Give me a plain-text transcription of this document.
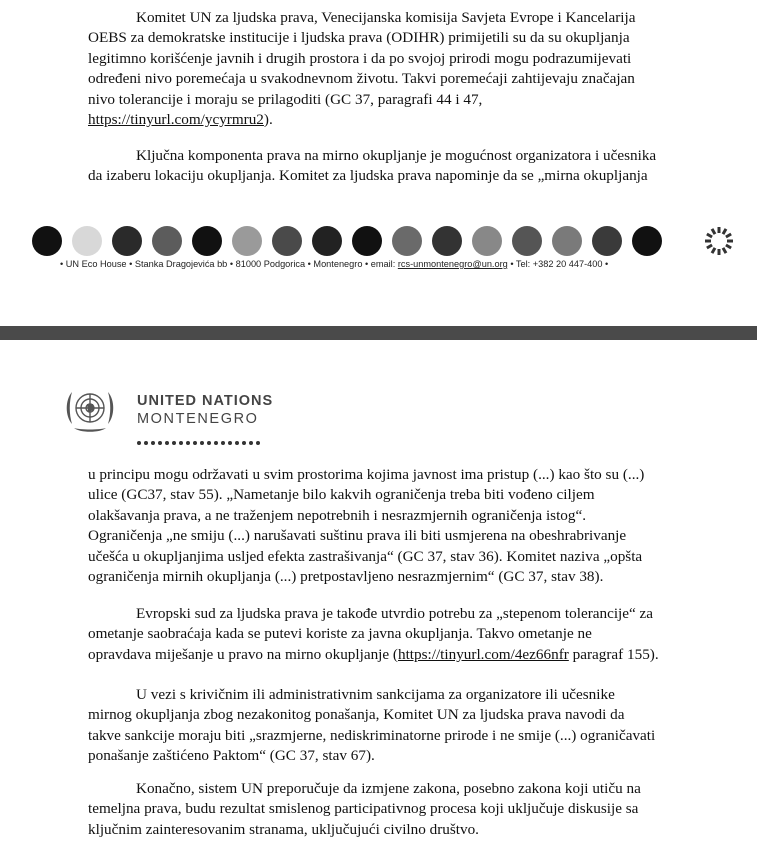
Komitet UN za ljudska prava, Venecijanska komisija Savjeta Evrope i Kancelarija

OEBS za demokratske institucije i ljudska prava (ODIHR) primijetili su da su okupljanja

legitimno korišćenje javnih i drugih prostora i da po svojoj prirodi mogu podrazumijevati

određeni nivo poremećaja u svakodnevnom životu. Takvi poremećaji zahtijevaju značajan

nivo tolerancije i moraju se prilagoditi (GC 37, paragrafi 44 i 47,

https://tinyurl.com/ycyrmru2).

Ključna komponenta prava na mirno okupljanje je mogućnost organizatora i učesnika

da izaberu lokaciju okupljanja. Komitet za ljudska prava napominje da se „mirna okupljanja

• UN Eco House • Stanka Dragojevića bb • 81000 Podgorica • Montenegro • email: rcs-unmontenegro@un.org • Tel: +382 20 447-400 •
UNITED NATIONS
MONTENEGRO

u principu mogu održavati u svim prostorima kojima javnost ima pristup (...) kao što su (...)

ulice (GC37, stav 55). „Nametanje bilo kakvih ograničenja treba biti vođeno ciljem

olakšavanja prava, a ne traženjem nepotrebnih i nesrazmjernih ograničenja istog“.

Ograničenja „ne smiju (...) narušavati suštinu prava ili biti usmjerena na obeshrabrivanje

učešća u okupljanjima usljed efekta zastrašivanja“ (GC 37, stav 36). Komitet naziva „opšta

ograničenja mirnih okupljanja (...) pretpostavljeno nesrazmjernim“ (GC 37, stav 38).

Evropski sud za ljudska prava je takođe utvrdio potrebu za „stepenom tolerancije“ za

ometanje saobraćaja kada se putevi koriste za javna okupljanja. Takvo ometanje ne

opravdava miješanje u pravo na mirno okupljanje (https://tinyurl.com/4ez66nfr paragraf 155).

U vezi s krivičnim ili administrativnim sankcijama za organizatore ili učesnike

mirnog okupljanja zbog nezakonitog ponašanja, Komitet UN za ljudska prava navodi da

takve sankcije moraju biti „srazmjerne, nediskriminatorne prirode i ne smije (...) ograničavati

ponašanje zaštićeno Paktom“ (GC 37, stav 67).

Konačno, sistem UN preporučuje da izmjene zakona, posebno zakona koji utiču na

temeljna prava, budu rezultat smislenog participativnog procesa koji uključuje diskusije sa

ključnim zainteresovanim stranama, uključujući civilno društvo.
